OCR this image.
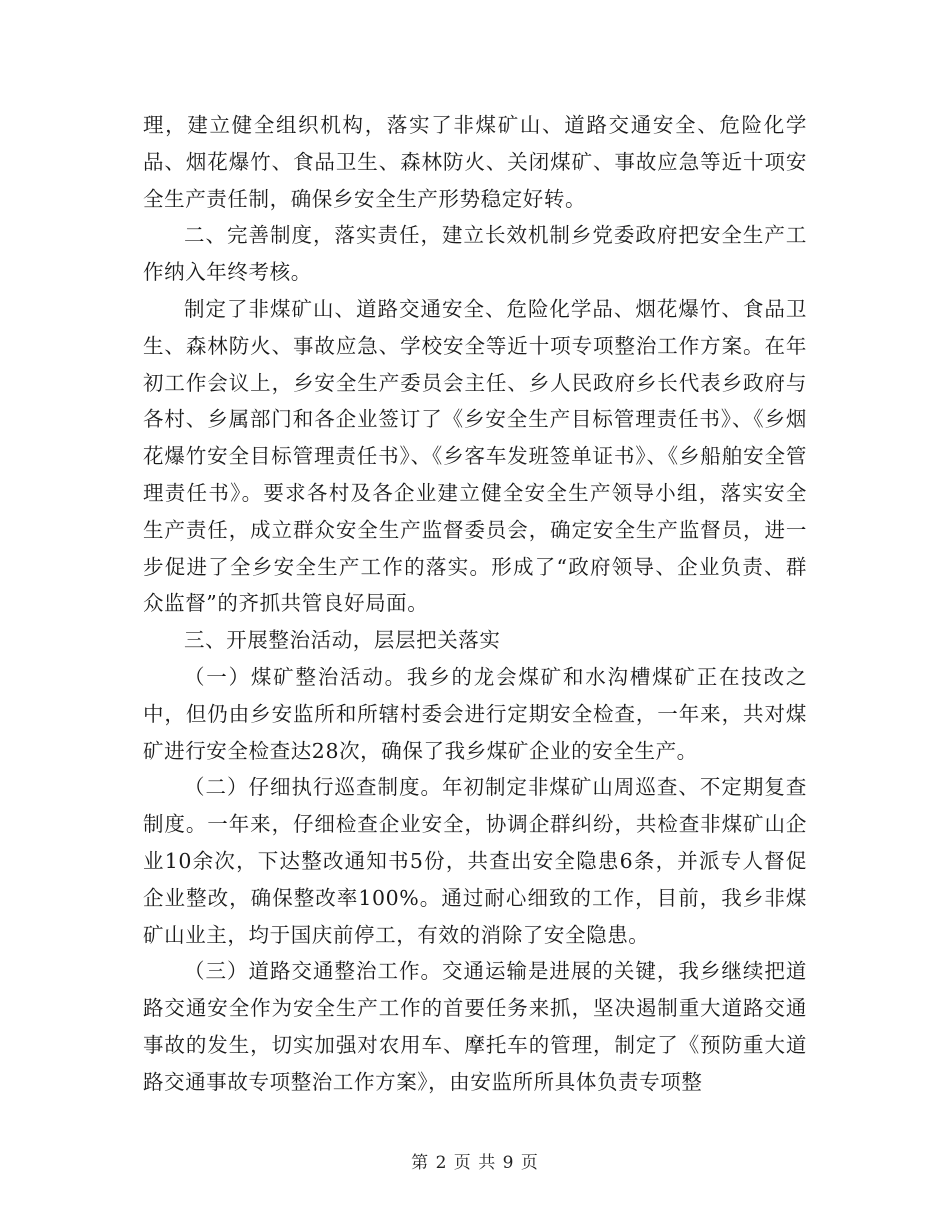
理，建立健全组织机构，落实了非煤矿山、道路交通安全、危险化学品、烟花爆竹、食品卫生、森林防火、关闭煤矿、事故应急等近十项安全生产责任制，确保乡安全生产形势稳定好转。

二、完善制度，落实责任，建立长效机制乡党委政府把安全生产工作纳入年终考核。

制定了非煤矿山、道路交通安全、危险化学品、烟花爆竹、食品卫生、森林防火、事故应急、学校安全等近十项专项整治工作方案。在年初工作会议上，乡安全生产委员会主任、乡人民政府乡长代表乡政府与各村、乡属部门和各企业签订了《乡安全生产目标管理责任书》、《乡烟花爆竹安全目标管理责任书》、《乡客车发班签单证书》、《乡船舶安全管理责任书》。要求各村及各企业建立健全安全生产领导小组，落实安全生产责任，成立群众安全生产监督委员会，确定安全生产监督员，进一步促进了全乡安全生产工作的落实。形成了“政府领导、企业负责、群众监督”的齐抓共管良好局面。

三、开展整治活动，层层把关落实

（一）煤矿整治活动。我乡的龙会煤矿和水沟槽煤矿正在技改之中，但仍由乡安监所和所辖村委会进行定期安全检查，一年来，共对煤矿进行安全检查达28次，确保了我乡煤矿企业的安全生产。

（二）仔细执行巡查制度。年初制定非煤矿山周巡查、不定期复查制度。一年来，仔细检查企业安全，协调企群纠纷，共检查非煤矿山企业10余次，下达整改通知书5份，共查出安全隐患6条，并派专人督促企业整改，确保整改率100%。通过耐心细致的工作，目前，我乡非煤矿山业主，均于国庆前停工，有效的消除了安全隐患。

（三）道路交通整治工作。交通运输是进展的关键，我乡继续把道路交通安全作为安全生产工作的首要任务来抓，坚决遏制重大道路交通事故的发生，切实加强对农用车、摩托车的管理，制定了《预防重大道路交通事故专项整治工作方案》，由安监所所具体负责专项整

第 2 页 共 9 页
